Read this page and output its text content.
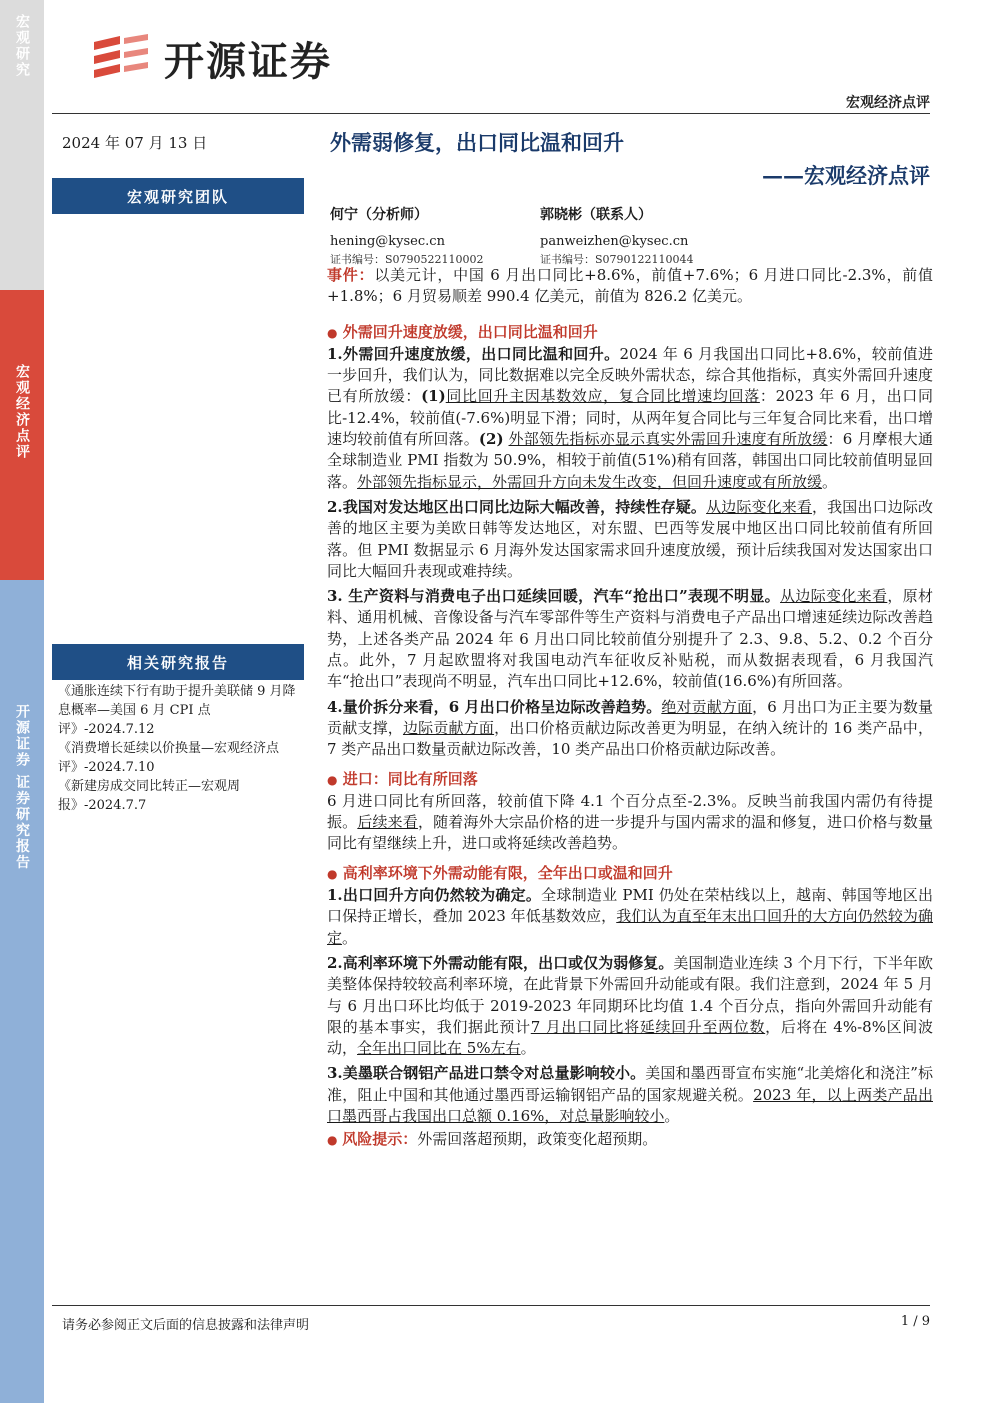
宏观研究
宏观经济点评
开源证券 证券研究报告
开源证券
宏观经济点评
2024 年 07 月 13 日	外需弱修复，出口同比温和回升
——宏观经济点评
宏观研究团队
何宁（分析师）
hening@kysec.cn
证书编号：S0790522110002
郭晓彬（联系人）
panweizhen@kysec.cn
证书编号：S0790122110044
相关研究报告

《通胀连续下行有助于提升美联储 9 月降息概率—美国 6 月 CPI 点评》-2024.7.12

《消费增长延续以价换量—宏观经济点评》-2024.7.10

《新建房成交同比转正—宏观周报》-2024.7.7

事件：以美元计，中国 6 月出口同比+8.6%，前值+7.6%；6 月进口同比-2.3%，前值+1.8%；6 月贸易顺差 990.4 亿美元，前值为 826.2 亿美元。

● 外需回升速度放缓，出口同比温和回升

1.外需回升速度放缓，出口同比温和回升。2024 年 6 月我国出口同比+8.6%，较前值进一步回升，我们认为，同比数据难以完全反映外需状态，综合其他指标，真实外需回升速度已有所放缓：(1)同比回升主因基数效应，复合同比增速均回落：2023 年 6 月，出口同比-12.4%，较前值(-7.6%)明显下滑；同时，从两年复合同比与三年复合同比来看，出口增速均较前值有所回落。(2) 外部领先指标亦显示真实外需回升速度有所放缓：6 月摩根大通全球制造业 PMI 指数为 50.9%，相较于前值(51%)稍有回落，韩国出口同比较前值明显回落。外部领先指标显示，外需回升方向未发生改变，但回升速度或有所放缓。

2.我国对发达地区出口同比边际大幅改善，持续性存疑。从边际变化来看，我国出口边际改善的地区主要为美欧日韩等发达地区，对东盟、巴西等发展中地区出口同比较前值有所回落。但 PMI 数据显示 6 月海外发达国家需求回升速度放缓，预计后续我国对发达国家出口同比大幅回升表现或难持续。

3. 生产资料与消费电子出口延续回暖，汽车“抢出口”表现不明显。从边际变化来看，原材料、通用机械、音像设备与汽车零部件等生产资料与消费电子产品出口增速延续边际改善趋势，上述各类产品 2024 年 6 月出口同比较前值分别提升了 2.3、9.8、5.2、0.2 个百分点。此外，7 月起欧盟将对我国电动汽车征收反补贴税，而从数据表现看，6 月我国汽车“抢出口”表现尚不明显，汽车出口同比+12.6%，较前值(16.6%)有所回落。

4.量价拆分来看，6 月出口价格呈边际改善趋势。绝对贡献方面，6 月出口为正主要为数量贡献支撑，边际贡献方面，出口价格贡献边际改善更为明显，在纳入统计的 16 类产品中，7 类产品出口数量贡献边际改善，10 类产品出口价格贡献边际改善。

● 进口：同比有所回落

6 月进口同比有所回落，较前值下降 4.1 个百分点至-2.3%。反映当前我国内需仍有待提振。后续来看，随着海外大宗品价格的进一步提升与国内需求的温和修复，进口价格与数量同比有望继续上升，进口或将延续改善趋势。

● 高利率环境下外需动能有限，全年出口或温和回升

1.出口回升方向仍然较为确定。全球制造业 PMI 仍处在荣枯线以上，越南、韩国等地区出口保持正增长，叠加 2023 年低基数效应，我们认为直至年末出口回升的大方向仍然较为确定。

2.高利率环境下外需动能有限，出口或仅为弱修复。美国制造业连续 3 个月下行，下半年欧美整体保持较较高利率环境，在此背景下外需回升动能或有限。我们注意到，2024 年 5 月与 6 月出口环比均低于 2019-2023 年同期环比均值 1.4 个百分点，指向外需回升动能有限的基本事实，我们据此预计7 月出口同比将延续回升至两位数，后将在 4%-8%区间波动，全年出口同比在 5%左右。

3.美墨联合钢铝产品进口禁令对总量影响较小。美国和墨西哥宣布实施“北美熔化和浇注”标准，阻止中国和其他通过墨西哥运输钢铝产品的国家规避关税。2023 年，以上两类产品出口墨西哥占我国出口总额 0.16%，对总量影响较小。

● 风险提示：外需回落超预期，政策变化超预期。

请务必参阅正文后面的信息披露和法律声明	1 / 9
